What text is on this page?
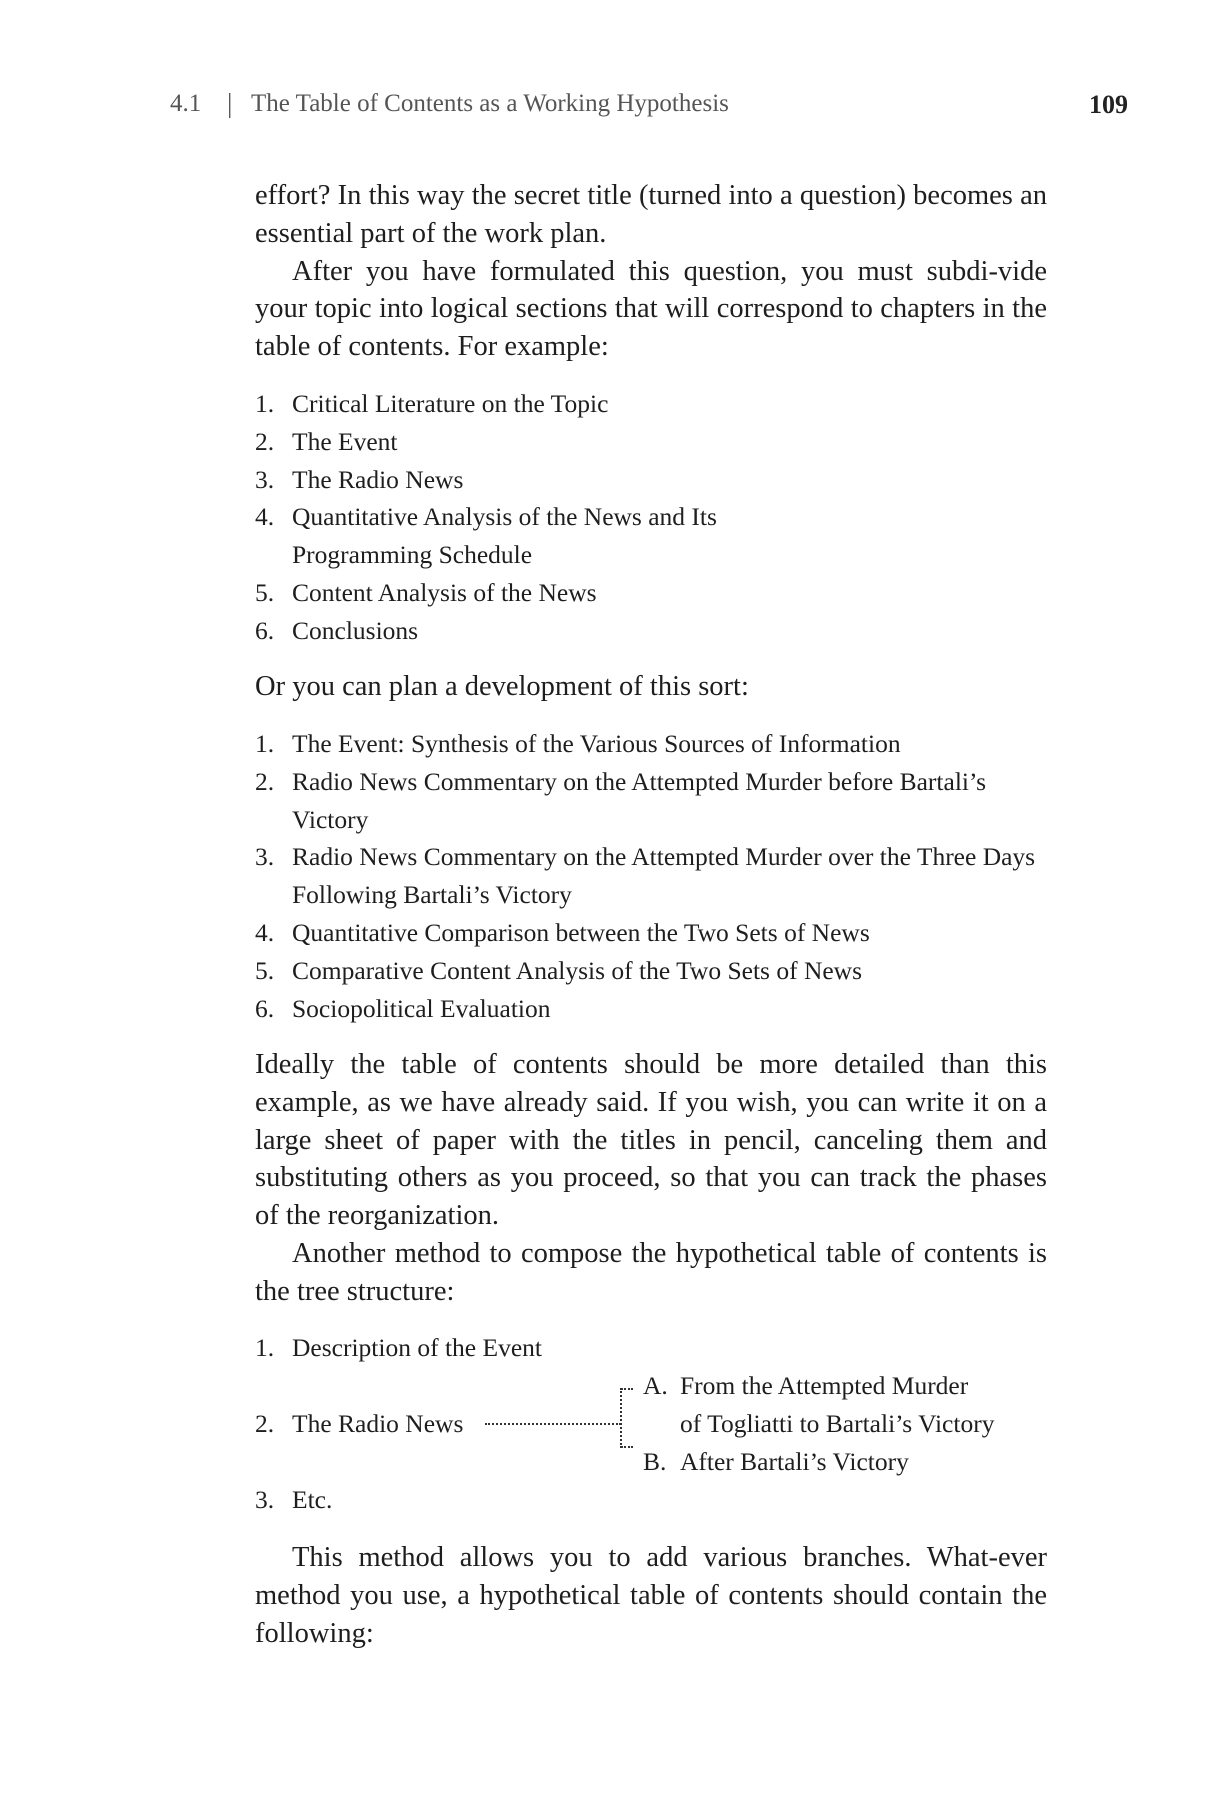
4.1 | The Table of Contents as a Working Hypothesis	109

effort? In this way the secret title (turned into a question) becomes an essential part of the work plan.

After you have formulated this question, you must subdi-vide your topic into logical sections that will correspond to chapters in the table of contents. For example:

1. Critical Literature on the Topic
2. The Event
3. The Radio News
4. Quantitative Analysis of the News and Its Programming Schedule
5. Content Analysis of the News
6. Conclusions

Or you can plan a development of this sort:

1. The Event: Synthesis of the Various Sources of Information
2. Radio News Commentary on the Attempted Murder before Bartali’s Victory
3. Radio News Commentary on the Attempted Murder over the Three Days Following Bartali’s Victory
4. Quantitative Comparison between the Two Sets of News
5. Comparative Content Analysis of the Two Sets of News
6. Sociopolitical Evaluation

Ideally the table of contents should be more detailed than this example, as we have already said. If you wish, you can write it on a large sheet of paper with the titles in pencil, canceling them and substituting others as you proceed, so that you can track the phases of the reorganization.

Another method to compose the hypothetical table of contents is the tree structure:

1. Description of the Event
2. The Radio News
A. From the Attempted Murder
of Togliatti to Bartali’s Victory
B. After Bartali’s Victory
3. Etc.

This method allows you to add various branches. What-ever method you use, a hypothetical table of contents should contain the following:
